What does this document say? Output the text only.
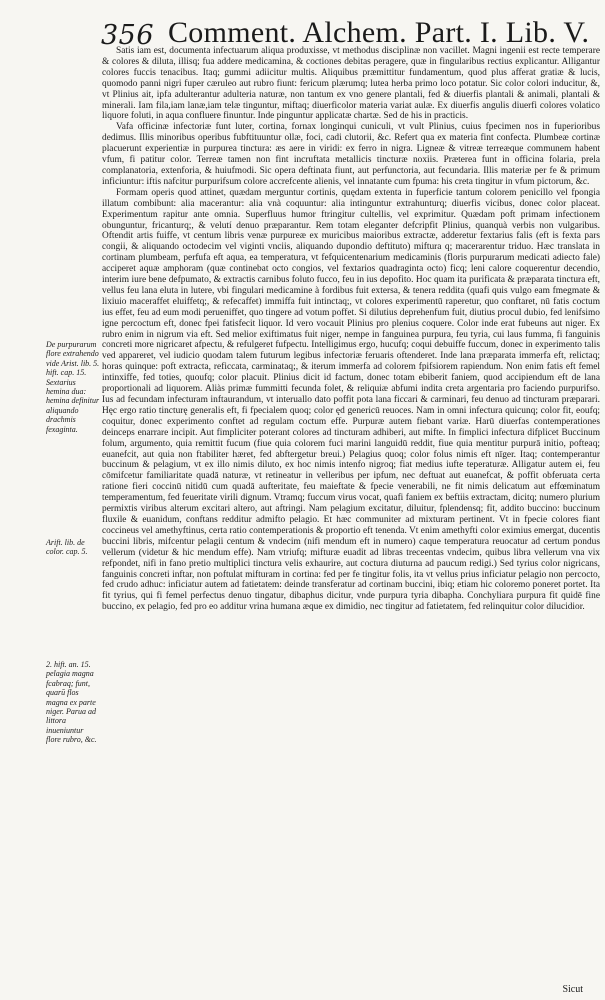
356 Comment. Alchem. Part. I. Lib. V.

Satis iam est, documenta infectuarum aliqua produxisse, vt methodus disciplinæ non vacillet. Magni ingenii est recte temperare & colores & diluta, illisq; fua addere medicamina, & coctiones debitas peragere, quæ in fingularibus rectius explicantur. Alligantur colores fuccis tenacibus. Itaq; gummi adiicitur multis. Aliquibus præmittitur fundamentum, quod plus afferat gratiæ & lucis, quomodo panni nigri fuper cæruleo aut rubro fiunt: fericum plærumq; lutea herba primo loco potatur. Sic color colori inducitur, &, vt Plinius ait, ipfa adulterantur adulteria naturæ, non tantum ex vno genere plantali, fed & diuerfis plantali & animali, plantali & minerali. Iam fila,iam lanæ,iam telæ tinguntur, miftaq; diuerficolor materia variat aulæ. Ex diuerfis angulis diuerfi colores volatico liquore foluti, in aqua confluere finuntur. Inde pinguntur applicatæ chartæ. Sed de his in practicis.

Vafa officinæ infectoriæ funt luter, cortina, fornax longinqui cuniculi, vt vult Plinius, cuius fpecimen nos in fuperioribus dedimus. Illis minoribus operibus fubftituuntur ollæ, foci, cadi clutorii, &c. Refert qua ex materia fint confecta. Plumbeæ cortinæ placuerunt experientiæ in purpurea tinctura: æs aere in viridi: ex ferro in nigra. Ligneæ & vitreæ terreæque communem habent vfum, fi patitur color. Terreæ tamen non fint incruftata metallicis tincturæ noxiis. Præterea funt in officina folaria, prela complanatoria, extenforia, & huiufmodi. Sic opera deftinata fiunt, aut perfunctoria, aut fecundaria. Illis materiæ per fe & primum inficiuntur: iftis nafcitur purpurifsum colore accrefcente alienis, vel innatante cum fpuma: his creta tingitur in vfum pictorum, &c.

Formam operis quod attinet, quædam merguntur cortinis, quędam extenta in fuperficie tantum colorem penicillo vel fpongia illatum combibunt: alia macerantur: alia vnà coquuntur: alia intinguntur extrahunturq; diuerfis vicibus, donec color placeat. Experimentum rapitur ante omnia. Superfluus humor ftringitur cultellis, vel exprimitur. Quædam poft primam infectionem obunguntur, fricanturq;, & velutí denuo præparantur. Rem totam eleganter defcripfit Plinius, quanquà verbis non vulgaribus. Oftendit artis fuiffe, vt centum libris venæ purpureæ ex muricibus maioribus extractæ, adderetur fextarius falis (eft is fexta pars congii, & aliquando octodecim vel viginti vnciis, aliquando dupondio deftituto) miftura q; macerarentur triduo. Hæc translata in cortinam plumbeam, perfufa eft aqua, ea temperatura, vt fefquicentenarium medicaminis (floris purpurarum medicati adiecto fale) acciperet aquæ amphoram (quæ continebat octo congios, vel fextarios quadraginta octo) ficq; leni calore coquerentur decendio, interim iure bene defpumato, & extractis carnibus foluto fucco, feu in ius depofito. Hoc quam ita purificata & præparata tinctura eft, vellus feu lana eluta in lutere, vbi fingulari medicamine à fordibus fuit extersa, & tenera reddita (quafi quis vulgo eam fmegmate & lixiuio maceraffet eluiffetq;, & refecaffet) immiffa fuit intinctaq;, vt colores experimentū raperetur, quo conftaret, nū fatis coctum ius effet, feu ad eum modi perueniffet, quo tingere ad votum poffet. Si dilutius deprehenfum fuit, diutius procul dubio, fed lenifsimo igne percoctum eft, donec fpei fatisfecit liquor. Id vero vocauit Plinius pro plenius coquere. Color inde erat fubeuns aut niger. Ex rubro enim in nigrum via eft. Sed melior exiftimatus fuit niger, nempe in fanguinea purpura, feu tyria, cui laus fumma, fi fanguinis concreti more nigricaret afpectu, & refulgeret fufpectu. Intelligimus ergo, hucufq; coqui debuiffe fuccum, donec in experimento talis ved appareret, vel iudicio quodam talem futurum legibus infectoriæ feruaris oftenderet. Inde lana præparata immerfa eft, relictaq; horas quinque: poft extracta, reficcata, carminataq;, & iterum immerfa ad colorem fpifsiorem rapiendum. Non enim fatis eft femel intinxiffe, fed toties, quoufq; color placuit. Plinius dicit id factum, donec totam ebiberit faniem, quod accipiendum eft de lana proportionali ad liquorem. Aliàs primæ fummitti fecunda folet, & reliquiæ abfumi indita creta argentaria pro faciendo purpurifso. Ius ad fecundam infecturam inftaurandum, vt interuallo dato poffit pota lana ficcari & carminari, feu denuo ad tincturam præparari. Hęc ergo ratio tincturę generalis eft, fi fpecialem quoq; color ęd genericū reuoces. Nam in omni infectura quicunq; color fit, eoufq; coquitur, donec experimento conftet ad regulam coctum effe. Purpuræ autem fiebant variæ. Harū diuerfas contemperationes deinceps enarrare incipit. Aut fimpliciter poterant colores ad tincturam adhiberi, aut mifte. In fimplici infectura difplicet Buccinum folum, argumento, quia remittit fucum (fiue quia colorem fuci marini languidū reddit, fiue quia mentitur purpurā initio, pofteaq; euanefcit, aut quia non ftabiliter hæret, fed abftergetur breui.) Pelagius quoq; color folus nimis eft nīger. Itaq; contemperantur buccinum & pelagium, vt ex illo nimis diluto, ex hoc nimis intenfo nigroq; fiat medius iufte teperaturæ. Alligatur autem ei, feu cōmifcetur familiaritate quadā naturæ, vt retineatur in velleribus per ipfum, nec deftuat aut euanefcat, & poffit obferuata certa ratione fieri coccinū nitidū cum quadā aufteritate, feu maieftate & fpecie venerabili, ne fit nimis delicatum aut effœminatum temperamentum, fed feueritate virili dignum. Vtramq; fuccum virus vocat, quafi faniem ex beftiis extractam, dicitq; numero plurium permixtis viribus alterum excitari altero, aut aftringi. Nam pelagium excitatur, diluitur, fplendensq; fit, addito buccino: buccinum fluxile & euanidum, conftans redditur admifto pelagio. Et hæc communiter ad mixturam pertinent. Vt in fpecie colores fiant coccineus vel amethyftinus, certa ratio contemperationis & proportio eft tenenda. Vt enim amethyfti color eximius emergat, ducentis buccini libris, mifcentur pelagii centum & vndecim (nifi mendum eft in numero) caque temperatura reuocatur ad certum pondus vellerum (videtur & hic mendum effe). Nam vtriufq; mifturæ euadit ad libras treceentas vndecim, quibus libra vellerum vna vix refpondet, nifi in fano pretio multiplici tinctura velis exhaurire, aut coctura diuturna ad paucum redigi.) Sed tyrius color nigricans, fanguinis concreti inftar, non poftulat mifturam in cortina: fed per fe tingitur folis, ita vt vellus prius inficiatur pelagio non percocto, fed crudo adhuc: inficiatur autem ad fatietatem: deinde transferatur ad cortinam buccini, ibiq; etiam hic coloremo poneret portet. Ita fit tyrius, qui fi femel perfectus denuo tingatur, dibaphus dicitur, vnde purpura tyria dibapha. Conchyliara purpura fit quidē fine buccino, ex pelagio, fed pro eo additur vrina humana æque ex dimidio, nec tingitur ad fatietatem, fed relinquitur color dilucidior.

De purpurarum flore extrahendo vide Arist. lib. 5. hift. cap. 15. Sextarius hemina dua: hemina definitur aliquando drachmis fexaginta.
Arift. lib. de color. cap. 5.
2. hift. an. 15. pelagia magna fcabraq; funt, quarū flos magna ex parte niger. Parua ad littora inueniuntur flore rubro, &c.
Sicut
